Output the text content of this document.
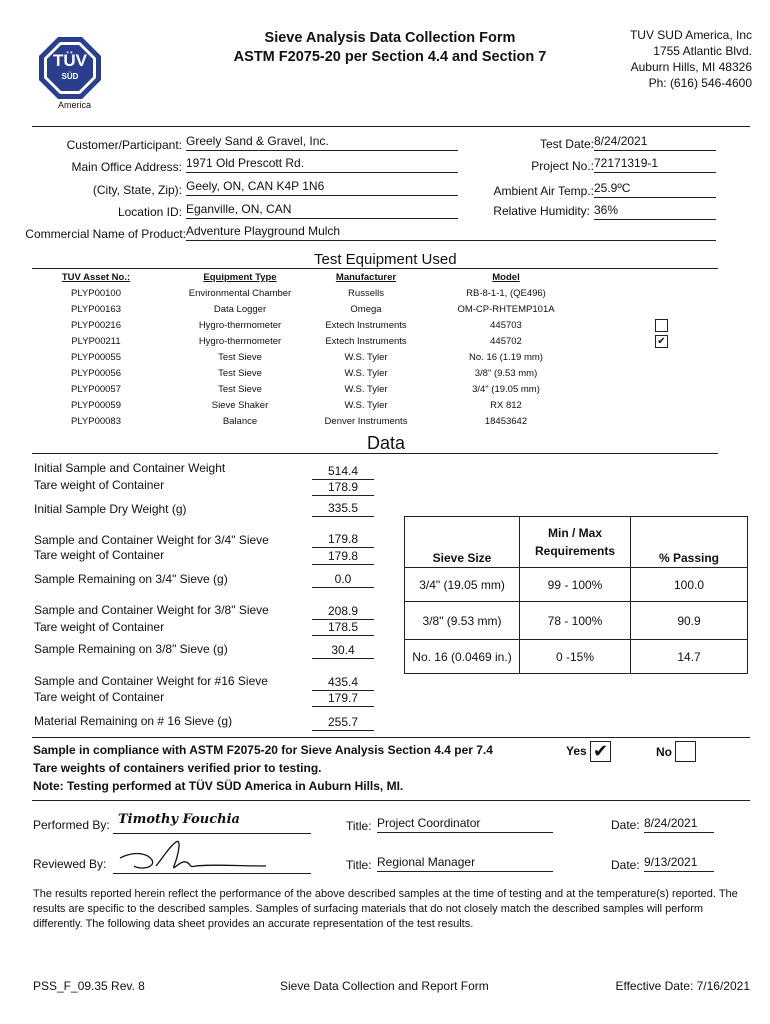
TÜV
SÜD
America
Sieve Analysis Data Collection Form
ASTM F2075-20 per Section 4.4 and Section 7
TUV SUD America, Inc
1755 Atlantic Blvd.
Auburn Hills, MI 48326
Ph: (616) 546-4600
Customer/Participant: Greely Sand & Gravel, Inc.
Main Office Address: 1971 Old Prescott Rd.
(City, State, Zip): Geely, ON, CAN K4P 1N6
Location ID: Eganville, ON, CAN
Commercial Name of Product: Adventure Playground Mulch
Test Date: 8/24/2021
Project No.: 72171319-1
Ambient Air Temp.: 25.9ºC
Relative Humidity: 36%
Test Equipment Used
TUV Asset No.:	Equipment Type	Manufacturer	Model
PLYP00100	Environmental Chamber	Russells	RB-8-1-1, (QE496)
PLYP00163	Data Logger	Omega	OM-CP-RHTEMP101A
PLYP00216	Hygro-thermometer	Extech Instruments	445703
PLYP00211	Hygro-thermometer	Extech Instruments	445702	✔
PLYP00055	Test Sieve	W.S. Tyler	No. 16 (1.19 mm)
PLYP00056	Test Sieve	W.S. Tyler	3/8" (9.53 mm)
PLYP00057	Test Sieve	W.S. Tyler	3/4" (19.05 mm)
PLYP00059	Sieve Shaker	W.S. Tyler	RX 812
PLYP00083	Balance	Denver Instruments	18453642
Data
Initial Sample and Container Weight	514.4
Tare weight of Container	178.9
Initial Sample Dry Weight (g)	335.5
Sample and Container Weight for 3/4" Sieve	179.8
Tare weight of Container	179.8
Sample Remaining on 3/4" Sieve (g)	0.0
Sample and Container Weight for 3/8" Sieve	208.9
Tare weight of Container	178.5
Sample Remaining on 3/8" Sieve (g)	30.4
Sample and Container Weight for #16 Sieve	435.4
Tare weight of Container	179.7
Material Remaining on # 16 Sieve (g)	255.7
Sieve Size	Min / Max Requirements	% Passing
3/4" (19.05 mm)	99 - 100%	100.0
3/8" (9.53 mm)	78 - 100%	90.9
No. 16 (0.0469 in.)	0 -15%	14.7
Sample in compliance with ASTM F2075-20 for Sieve Analysis Section 4.4 per 7.4
Tare weights of containers verified prior to testing.
Note: Testing performed at TÜV SÜD America in Auburn Hills, MI.
Yes ✔	No
Performed By: Timothy Fouchia	Title: Project Coordinator	Date: 8/24/2021
Reviewed By:	Title: Regional Manager	Date: 9/13/2021
The results reported herein reflect the performance of the above described samples at the time of testing and at the temperature(s) reported. The results are specific to the described samples. Samples of surfacing materials that do not closely match the described samples will perform differently. The following data sheet provides an accurate representation of the test results.
PSS_F_09.35 Rev. 8	Sieve Data Collection and Report Form	Effective Date: 7/16/2021
